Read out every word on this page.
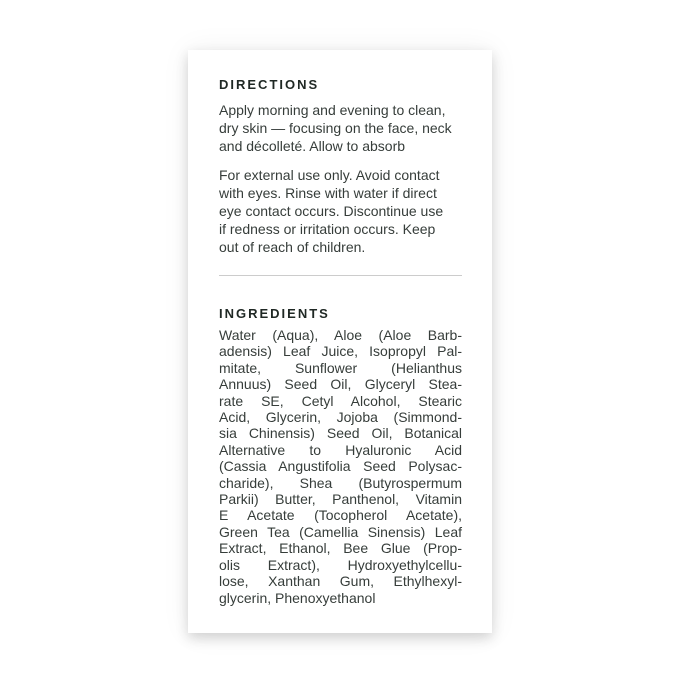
DIRECTIONS
Apply morning and evening to clean,
dry skin — focusing on the face, neck
and décolleté. Allow to absorb
For external use only. Avoid contact
with eyes. Rinse with water if direct
eye contact occurs. Discontinue use
if redness or irritation occurs. Keep
out of reach of children.
INGREDIENTS
Water (Aqua), Aloe (Aloe Barb-
adensis) Leaf Juice, Isopropyl Pal-
mitate, Sunflower (Helianthus
Annuus) Seed Oil, Glyceryl Stea-
rate SE, Cetyl Alcohol, Stearic
Acid, Glycerin, Jojoba (Simmond-
sia Chinensis) Seed Oil, Botanical
Alternative to Hyaluronic Acid
(Cassia Angustifolia Seed Polysac-
charide), Shea (Butyrospermum
Parkii) Butter, Panthenol, Vitamin
E Acetate (Tocopherol Acetate),
Green Tea (Camellia Sinensis) Leaf
Extract, Ethanol, Bee Glue (Prop-
olis Extract), Hydroxyethylcellu-
lose, Xanthan Gum, Ethylhexyl-
glycerin, Phenoxyethanol
